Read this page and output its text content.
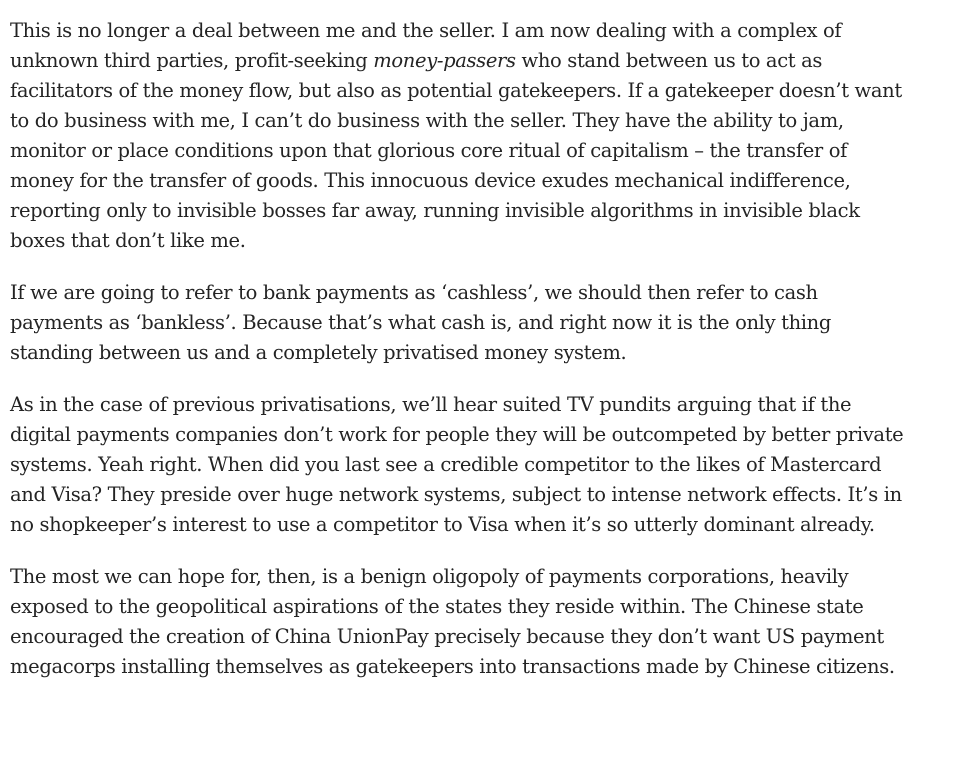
This is no longer a deal between me and the seller. I am now dealing with a complex of unknown third parties, profit-seeking money-passers who stand between us to act as facilitators of the money flow, but also as potential gatekeepers. If a gatekeeper doesn’t want to do business with me, I can’t do business with the seller. They have the ability to jam, monitor or place conditions upon that glorious core ritual of capitalism – the transfer of money for the transfer of goods. This innocuous device exudes mechanical indifference, reporting only to invisible bosses far away, running invisible algorithms in invisible black boxes that don’t like me.

If we are going to refer to bank payments as ‘cashless’, we should then refer to cash payments as ‘bankless’. Because that’s what cash is, and right now it is the only thing standing between us and a completely privatised money system.

As in the case of previous privatisations, we’ll hear suited TV pundits arguing that if the digital payments companies don’t work for people they will be outcompeted by better private systems. Yeah right. When did you last see a credible competitor to the likes of Mastercard and Visa? They preside over huge network systems, subject to intense network effects. It’s in no shopkeeper’s interest to use a competitor to Visa when it’s so utterly dominant already.

The most we can hope for, then, is a benign oligopoly of payments corporations, heavily exposed to the geopolitical aspirations of the states they reside within. The Chinese state encouraged the creation of China UnionPay precisely because they don’t want US payment megacorps installing themselves as gatekeepers into transactions made by Chinese citizens.
